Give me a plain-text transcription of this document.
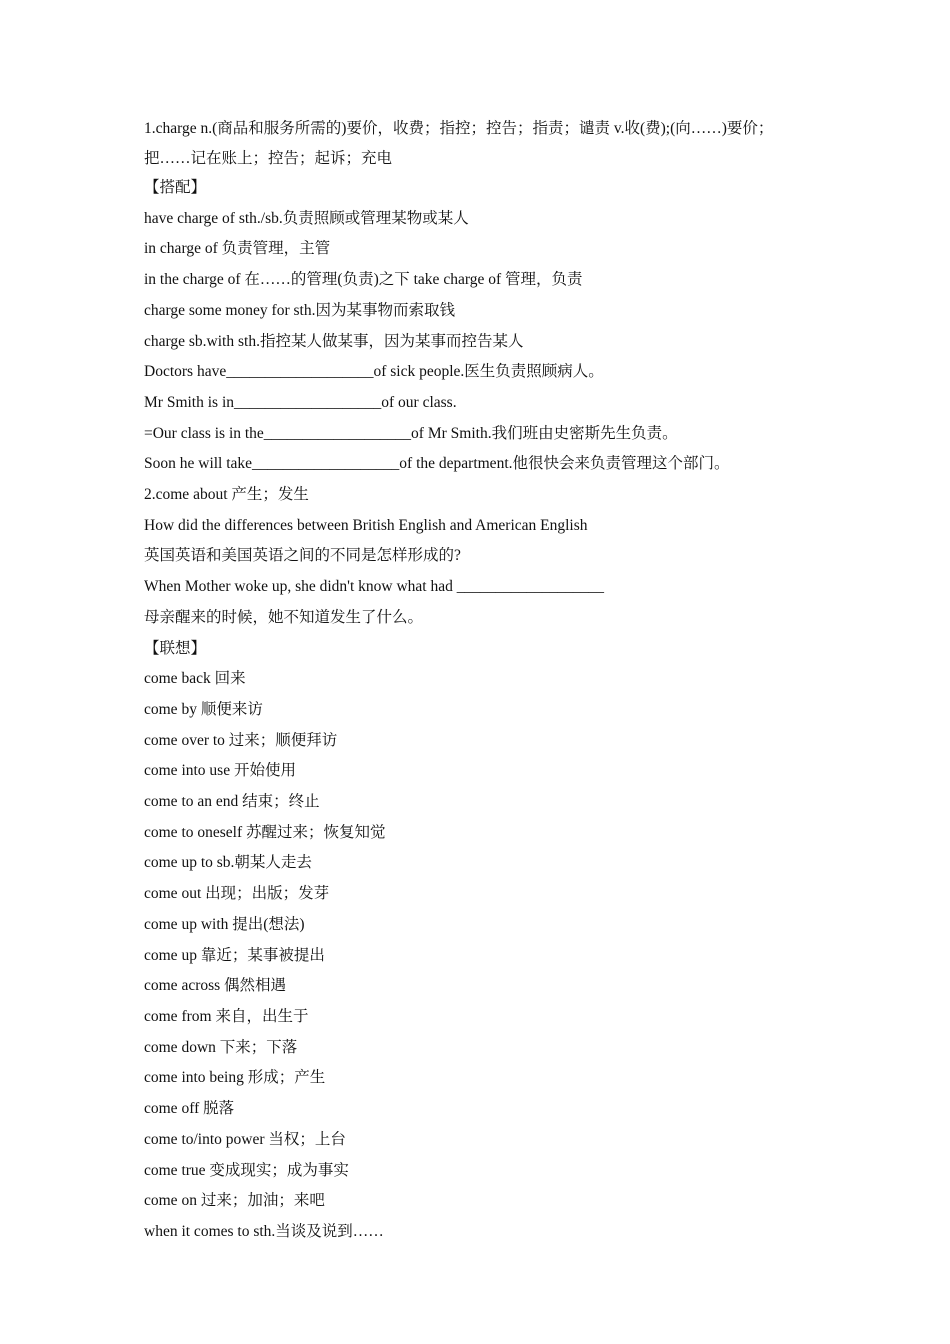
1.charge n.(商品和服务所需的)要价，收费；指控；控告；指责；谴责 v.收(费);(向……)要价；把……记在账上；控告；起诉；充电
【搭配】
have charge of sth./sb.负责照顾或管理某物或某人
in charge of 负责管理，主管
in the charge of 在……的管理(负责)之下 take charge of 管理，负责
charge some money for sth.因为某事物而索取钱
charge sb.with sth.指控某人做某事，因为某事而控告某人
Doctors have___________________of sick people.医生负责照顾病人。
Mr Smith is in___________________of our class.
=Our class is in the___________________of Mr Smith.我们班由史密斯先生负责。
Soon he will take___________________of the department.他很快会来负责管理这个部门。
2.come about 产生；发生
How did the differences between British English and American English
英国英语和美国英语之间的不同是怎样形成的?
When Mother woke up, she didn't know what had ___________________
母亲醒来的时候，她不知道发生了什么。
【联想】
come back 回来
come by 顺便来访
come over to 过来；顺便拜访
come into use 开始使用
come to an end 结束；终止
come to oneself 苏醒过来；恢复知觉
come up to sb.朝某人走去
come out 出现；出版；发芽
come up with 提出(想法)
come up 靠近；某事被提出
come across 偶然相遇
come from 来自，出生于
come down 下来；下落
come into being 形成；产生
come off 脱落
come to/into power 当权；上台
come true 变成现实；成为事实
come on 过来；加油；来吧
when it comes to sth.当谈及说到……
